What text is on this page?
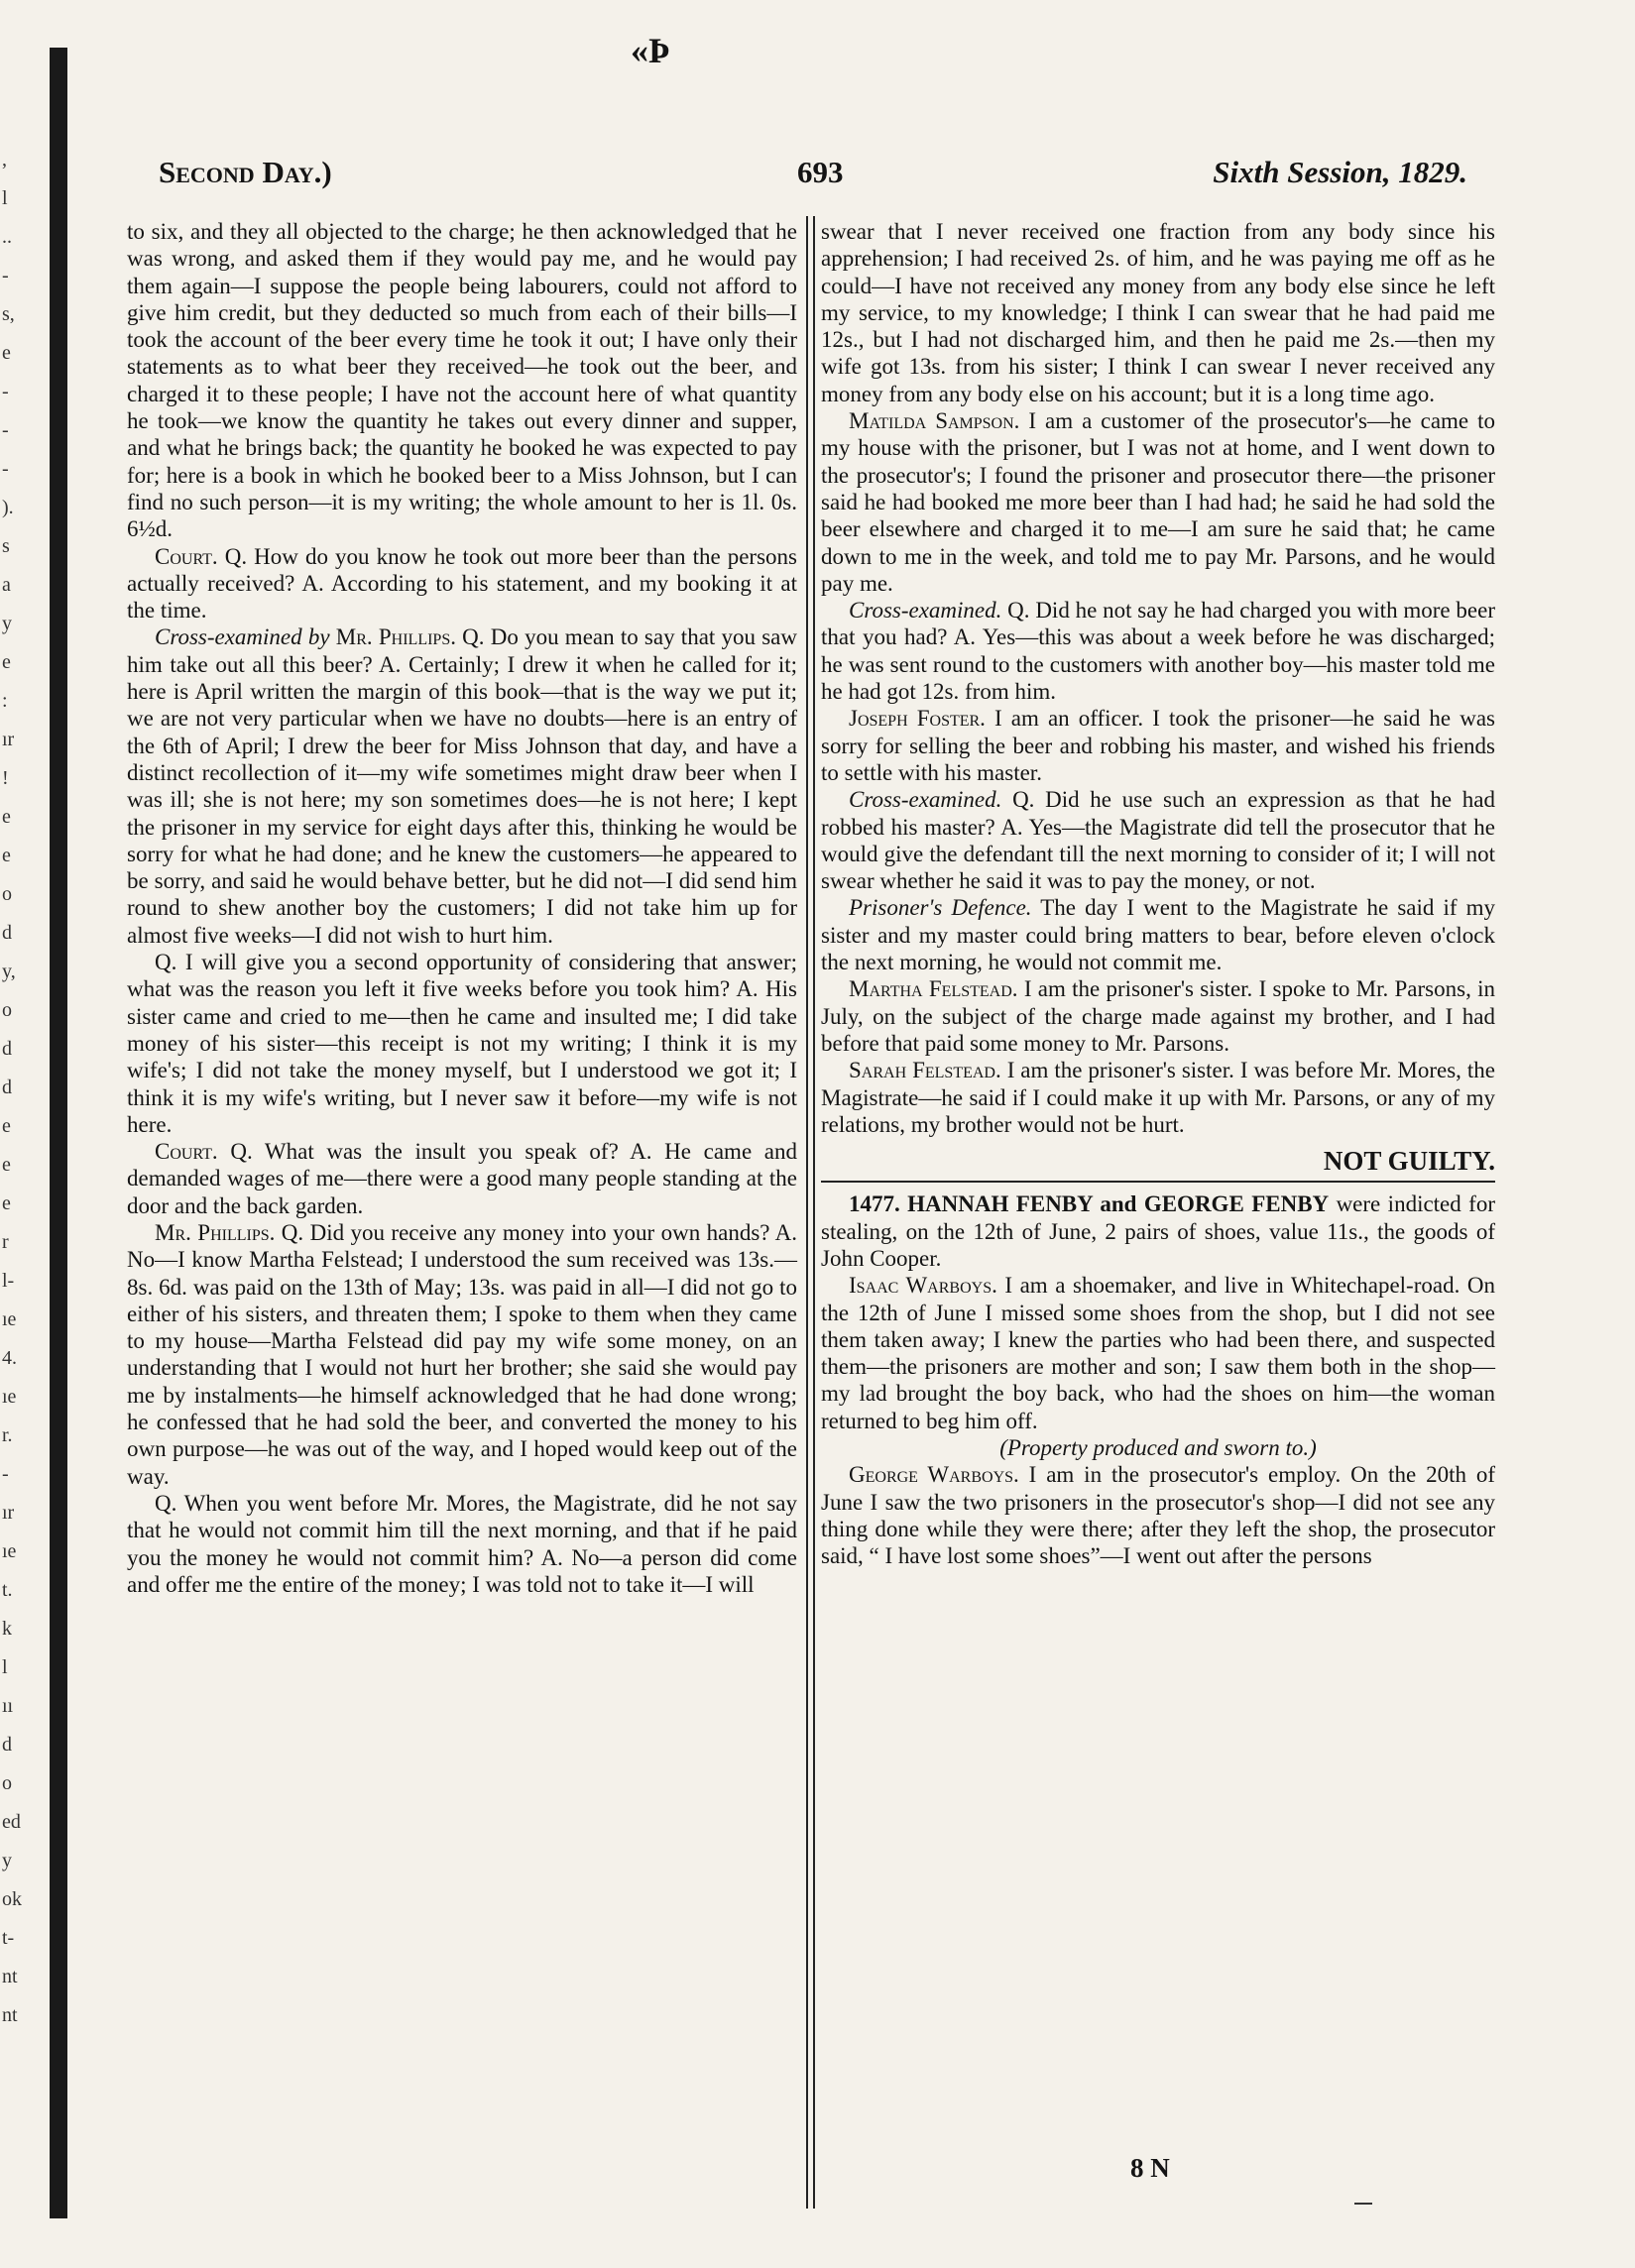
,
l
..
-
s,
e
-
-
-
).
s
a
y
e
:
ır
!
e
e
o
d
y,
o
d
d
e
e
e
r
l-
ıe
4.
ıe
r.
-
ır
ıe
t.
k
l
ıı
d
o
ed
y
ok
t-
nt
nt
«Þ
Second Day.)	693	Sixth Session, 1829.

to six, and they all objected to the charge; he then acknowledged that he was wrong, and asked them if they would pay me, and he would pay them again—I suppose the people being labourers, could not afford to give him credit, but they deducted so much from each of their bills—I took the account of the beer every time he took it out; I have only their statements as to what beer they received—he took out the beer, and charged it to these people; I have not the account here of what quantity he took—we know the quantity he takes out every dinner and supper, and what he brings back; the quantity he booked he was expected to pay for; here is a book in which he booked beer to a Miss Johnson, but I can find no such person—it is my writing; the whole amount to her is 1l. 0s. 6½d.

Court. Q. How do you know he took out more beer than the persons actually received? A. According to his statement, and my booking it at the time.

Cross-examined by Mr. Phillips. Q. Do you mean to say that you saw him take out all this beer? A. Certainly; I drew it when he called for it; here is April written the margin of this book—that is the way we put it; we are not very particular when we have no doubts—here is an entry of the 6th of April; I drew the beer for Miss Johnson that day, and have a distinct recollection of it—my wife sometimes might draw beer when I was ill; she is not here; my son sometimes does—he is not here; I kept the prisoner in my service for eight days after this, thinking he would be sorry for what he had done; and he knew the customers—he appeared to be sorry, and said he would behave better, but he did not—I did send him round to shew another boy the customers; I did not take him up for almost five weeks—I did not wish to hurt him.

Q. I will give you a second opportunity of considering that answer; what was the reason you left it five weeks before you took him? A. His sister came and cried to me—then he came and insulted me; I did take money of his sister—this receipt is not my writing; I think it is my wife's; I did not take the money myself, but I understood we got it; I think it is my wife's writing, but I never saw it before—my wife is not here.

Court. Q. What was the insult you speak of? A. He came and demanded wages of me—there were a good many people standing at the door and the back garden.

Mr. Phillips. Q. Did you receive any money into your own hands? A. No—I know Martha Felstead; I understood the sum received was 13s.—8s. 6d. was paid on the 13th of May; 13s. was paid in all—I did not go to either of his sisters, and threaten them; I spoke to them when they came to my house—Martha Felstead did pay my wife some money, on an understanding that I would not hurt her brother; she said she would pay me by instalments—he himself acknowledged that he had done wrong; he confessed that he had sold the beer, and converted the money to his own purpose—he was out of the way, and I hoped would keep out of the way.

Q. When you went before Mr. Mores, the Magistrate, did he not say that he would not commit him till the next morning, and that if he paid you the money he would not commit him? A. No—a person did come and offer me the entire of the money; I was told not to take it—I will

swear that I never received one fraction from any body since his apprehension; I had received 2s. of him, and he was paying me off as he could—I have not received any money from any body else since he left my service, to my knowledge; I think I can swear that he had paid me 12s., but I had not discharged him, and then he paid me 2s.—then my wife got 13s. from his sister; I think I can swear I never received any money from any body else on his account; but it is a long time ago.

Matilda Sampson. I am a customer of the prosecutor's—he came to my house with the prisoner, but I was not at home, and I went down to the prosecutor's; I found the prisoner and prosecutor there—the prisoner said he had booked me more beer than I had had; he said he had sold the beer elsewhere and charged it to me—I am sure he said that; he came down to me in the week, and told me to pay Mr. Parsons, and he would pay me.

Cross-examined. Q. Did he not say he had charged you with more beer that you had? A. Yes—this was about a week before he was discharged; he was sent round to the customers with another boy—his master told me he had got 12s. from him.

Joseph Foster. I am an officer. I took the prisoner—he said he was sorry for selling the beer and robbing his master, and wished his friends to settle with his master.

Cross-examined. Q. Did he use such an expression as that he had robbed his master? A. Yes—the Magistrate did tell the prosecutor that he would give the defendant till the next morning to consider of it; I will not swear whether he said it was to pay the money, or not.

Prisoner's Defence. The day I went to the Magistrate he said if my sister and my master could bring matters to bear, before eleven o'clock the next morning, he would not commit me.

Martha Felstead. I am the prisoner's sister. I spoke to Mr. Parsons, in July, on the subject of the charge made against my brother, and I had before that paid some money to Mr. Parsons.

Sarah Felstead. I am the prisoner's sister. I was before Mr. Mores, the Magistrate—he said if I could make it up with Mr. Parsons, or any of my relations, my brother would not be hurt.

NOT GUILTY.

1477. HANNAH FENBY and GEORGE FENBY were indicted for stealing, on the 12th of June, 2 pairs of shoes, value 11s., the goods of John Cooper.

Isaac Warboys. I am a shoemaker, and live in Whitechapel-road. On the 12th of June I missed some shoes from the shop, but I did not see them taken away; I knew the parties who had been there, and suspected them—the prisoners are mother and son; I saw them both in the shop—my lad brought the boy back, who had the shoes on him—the woman returned to beg him off.

(Property produced and sworn to.)

George Warboys. I am in the prosecutor's employ. On the 20th of June I saw the two prisoners in the prosecutor's shop—I did not see any thing done while they were there; after they left the shop, the prosecutor said, “ I have lost some shoes”—I went out after the persons

8 N
